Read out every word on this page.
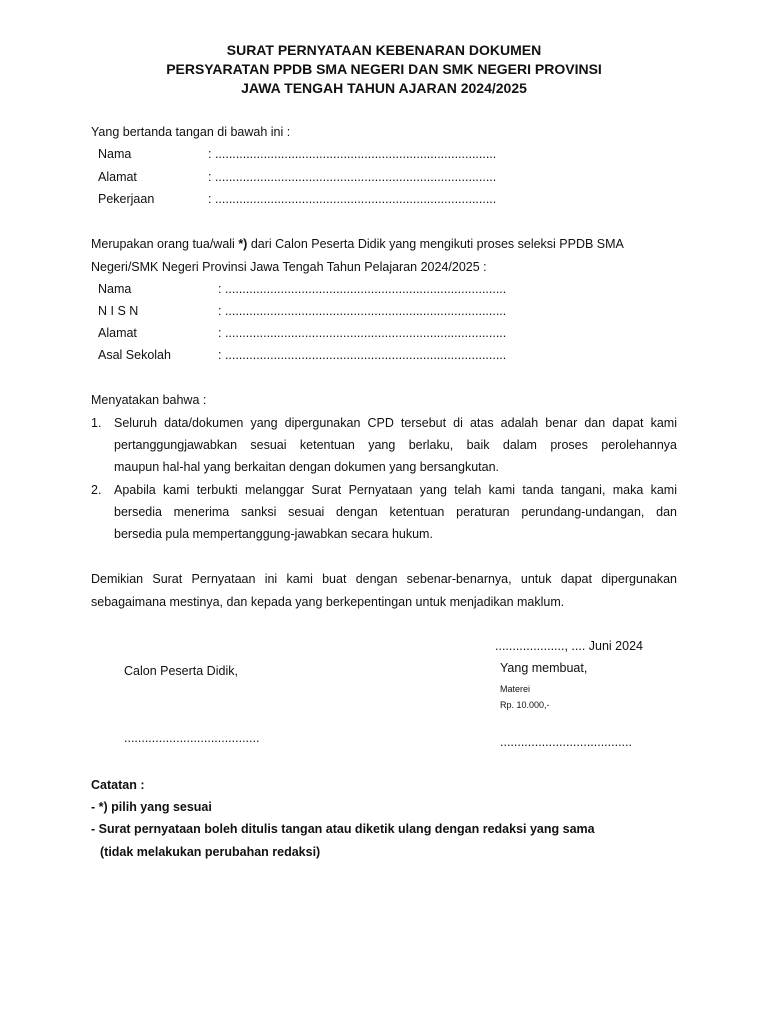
SURAT PERNYATAAN KEBENARAN DOKUMEN
PERSYARATAN PPDB SMA NEGERI DAN SMK NEGERI PROVINSI
JAWA TENGAH TAHUN AJARAN 2024/2025
Yang bertanda tangan di bawah ini :
Nama	: .................................................................................
Alamat	: .................................................................................
Pekerjaan	: .................................................................................
Merupakan orang tua/wali *) dari Calon Peserta Didik yang mengikuti proses seleksi PPDB SMA
Negeri/SMK Negeri Provinsi Jawa Tengah Tahun Pelajaran 2024/2025 :
Nama	: .................................................................................
N I S N	: .................................................................................
Alamat	: .................................................................................
Asal Sekolah	: .................................................................................
Menyatakan bahwa :
1. Seluruh data/dokumen yang dipergunakan CPD tersebut di atas adalah benar dan dapat kami
pertanggungjawabkan sesuai ketentuan yang berlaku, baik dalam proses perolehannya
maupun hal-hal yang berkaitan dengan dokumen yang bersangkutan.
2. Apabila kami terbukti melanggar Surat Pernyataan yang telah kami tanda tangani, maka kami
bersedia menerima sanksi sesuai dengan ketentuan peraturan perundang-undangan, dan
bersedia pula mempertanggung-jawabkan secara hukum.
Demikian Surat Pernyataan ini kami buat dengan sebenar-benarnya, untuk dapat dipergunakan
sebagaimana mestinya, dan kepada yang berkepentingan untuk menjadikan maklum.
...................., .... Juni 2024
Calon Peserta Didik,	Yang membuat,
Materei
Rp. 10.000,-
.......................................	......................................
Catatan :
- *) pilih yang sesuai
- Surat pernyataan boleh ditulis tangan atau diketik ulang dengan redaksi yang sama
(tidak melakukan perubahan redaksi)
